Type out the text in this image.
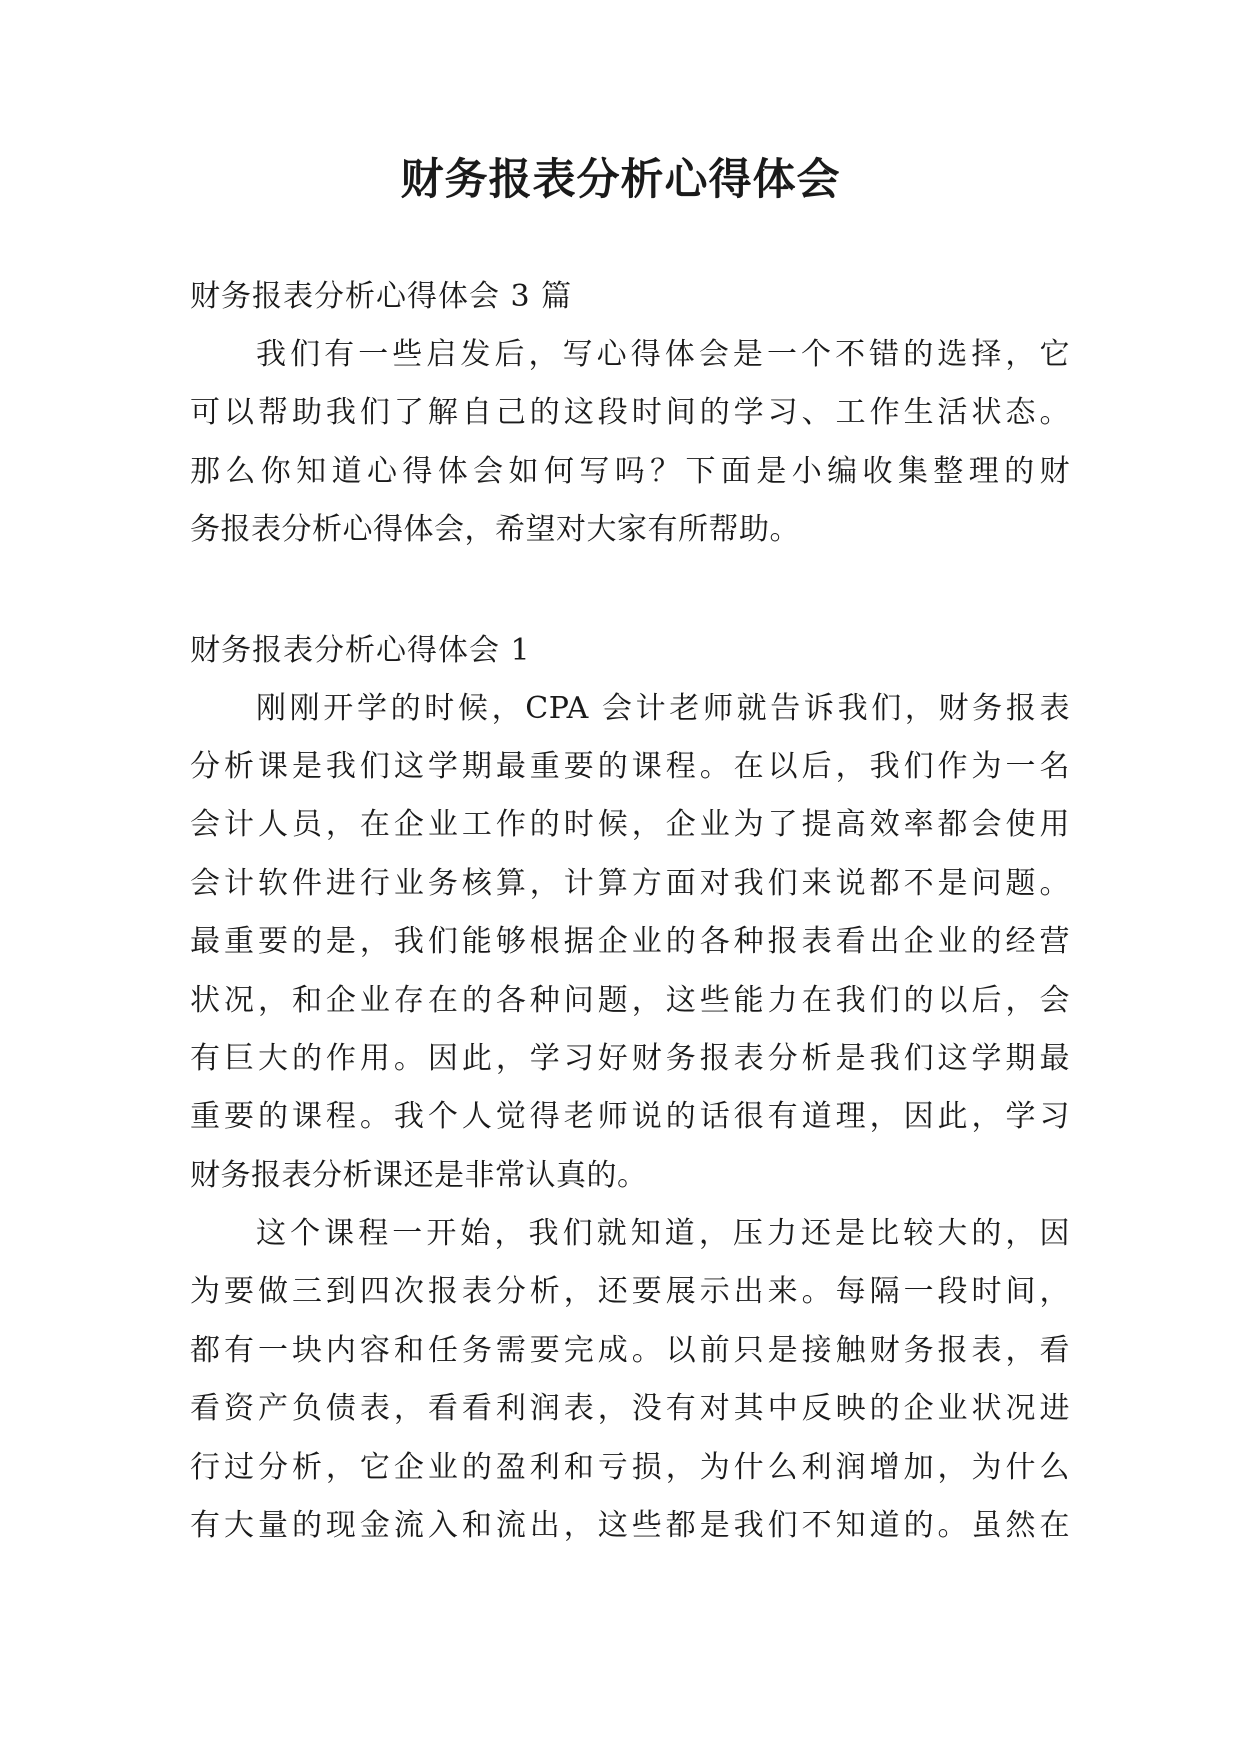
财务报表分析心得体会
财务报表分析心得体会 3 篇
我们有一些启发后，写心得体会是一个不错的选择，它
可以帮助我们了解自己的这段时间的学习、工作生活状态。
那么你知道心得体会如何写吗？下面是小编收集整理的财
务报表分析心得体会，希望对大家有所帮助。
财务报表分析心得体会 1
刚刚开学的时候，CPA 会计老师就告诉我们，财务报表
分析课是我们这学期最重要的课程。在以后，我们作为一名
会计人员，在企业工作的时候，企业为了提高效率都会使用
会计软件进行业务核算，计算方面对我们来说都不是问题。
最重要的是，我们能够根据企业的各种报表看出企业的经营
状况，和企业存在的各种问题，这些能力在我们的以后，会
有巨大的作用。因此，学习好财务报表分析是我们这学期最
重要的课程。我个人觉得老师说的话很有道理，因此，学习
财务报表分析课还是非常认真的。
这个课程一开始，我们就知道，压力还是比较大的，因
为要做三到四次报表分析，还要展示出来。每隔一段时间，
都有一块内容和任务需要完成。以前只是接触财务报表，看
看资产负债表，看看利润表，没有对其中反映的企业状况进
行过分析，它企业的盈利和亏损，为什么利润增加，为什么
有大量的现金流入和流出，这些都是我们不知道的。虽然在
